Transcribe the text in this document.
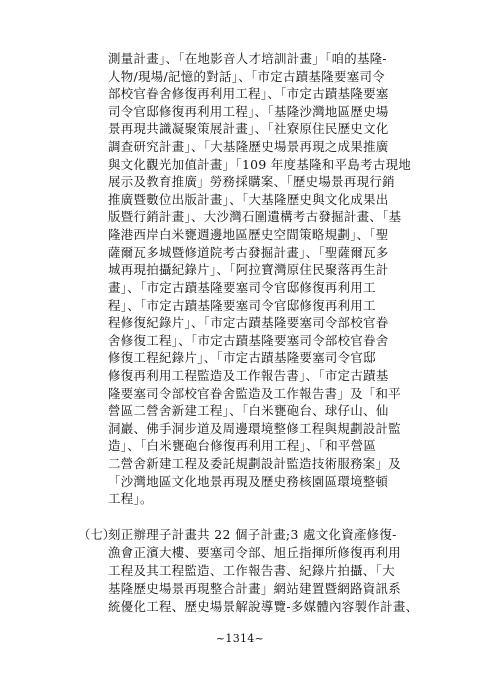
測量計畫」、「在地影音人才培訓計畫」「咱的基隆-
人物/現場/記憶的對話」、「市定古蹟基隆要塞司令
部校官眷舍修復再利用工程」、「市定古蹟基隆要塞
司令官邸修復再利用工程」、「基隆沙灣地區歷史場
景再現共識凝聚策展計畫」、「社寮原住民歷史文化
調查研究計畫」、「大基隆歷史場景再現之成果推廣
與文化觀光加值計畫」「109 年度基隆和平島考古現地
展示及教育推廣」勞務採購案、「歷史場景再現行銷
推廣暨數位出版計畫」、「大基隆歷史與文化成果出
版暨行銷計畫」、大沙灣石圍遺構考古發掘計畫、「基
隆港西岸白米甕週邊地區歷史空間策略規劃」、「聖
薩爾瓦多城暨修道院考古發掘計畫」、「聖薩爾瓦多
城再現拍攝紀錄片」、「阿拉寶灣原住民聚落再生計
畫」、「市定古蹟基隆要塞司令官邸修復再利用工
程」、「市定古蹟基隆要塞司令官邸修復再利用工
程修復紀錄片」、「市定古蹟基隆要塞司令部校官眷
舍修復工程」、「市定古蹟基隆要塞司令部校官眷舍
修復工程紀錄片」、「市定古蹟基隆要塞司令官邸
修復再利用工程監造及工作報告書」、「市定古蹟基
隆要塞司令部校官眷舍監造及工作報告書」及「和平
營區二營舍新建工程」、「白米甕砲台、球仔山、仙
洞巖、佛手洞步道及周邊環境整修工程與規劃設計監
造」、「白米甕砲台修復再利用工程」、「和平營區
二營舍新建工程及委託規劃設計監造技術服務案」及
「沙灣地區文化地景再現及歷史務核園區環境整頓
工程」。
（七）
刻正辦理子計畫共 22 個子計畫;3 處文化資產修復-
漁會正濱大樓、要塞司令部、旭丘指揮所修復再利用
工程及其工程監造、工作報告書、紀錄片拍攝、「大
基隆歷史場景再現整合計畫」網站建置暨網路資訊系
統優化工程、歷史場景解說導覽-多媒體內容製作計畫、
~1314~
